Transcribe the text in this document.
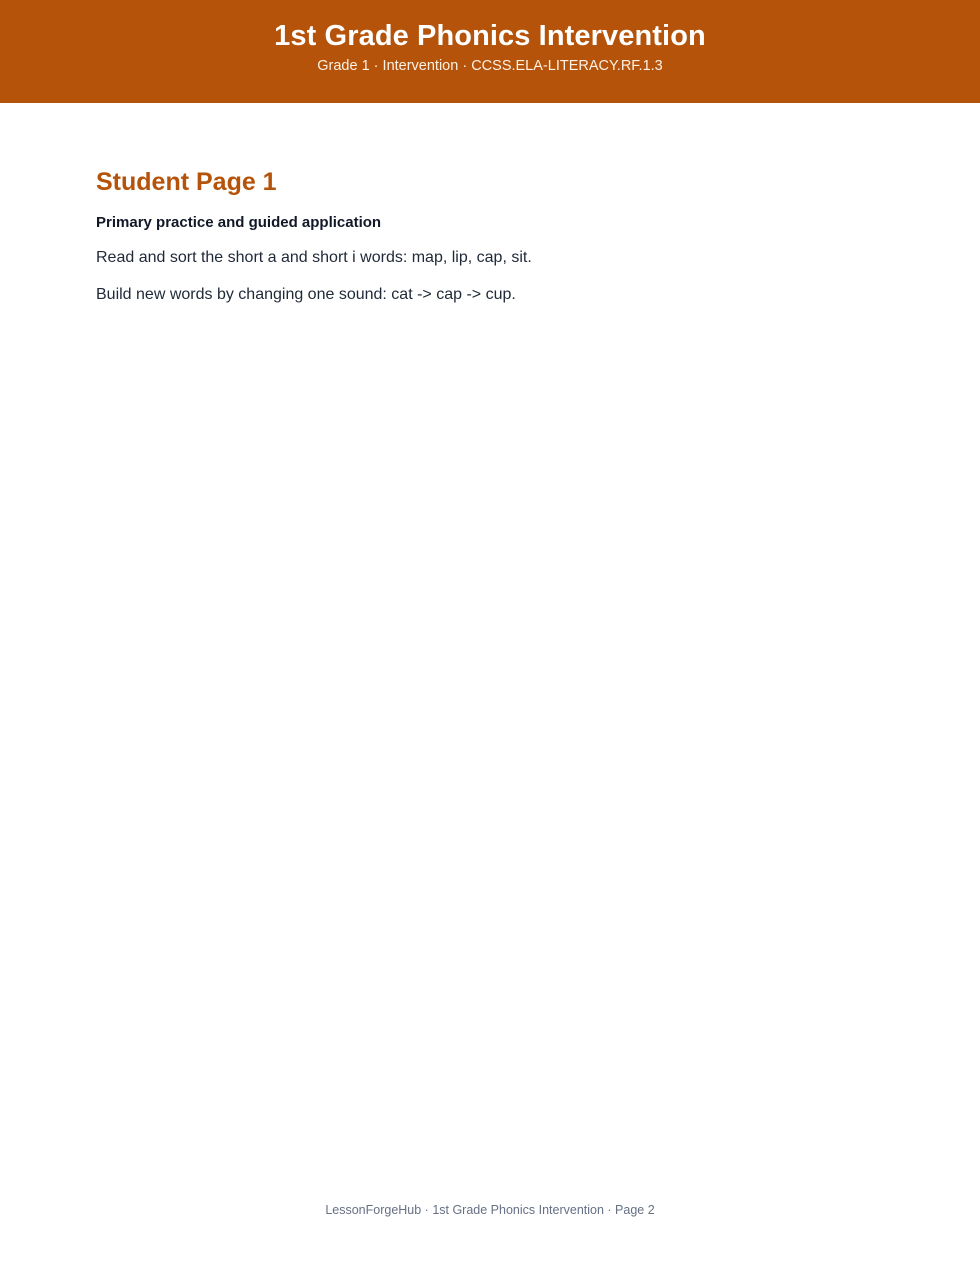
1st Grade Phonics Intervention
Grade 1 · Intervention · CCSS.ELA-LITERACY.RF.1.3
Student Page 1
Primary practice and guided application

Read and sort the short a and short i words: map, lip, cap, sit.

Build new words by changing one sound: cat -> cap -> cup.

LessonForgeHub · 1st Grade Phonics Intervention · Page 2
